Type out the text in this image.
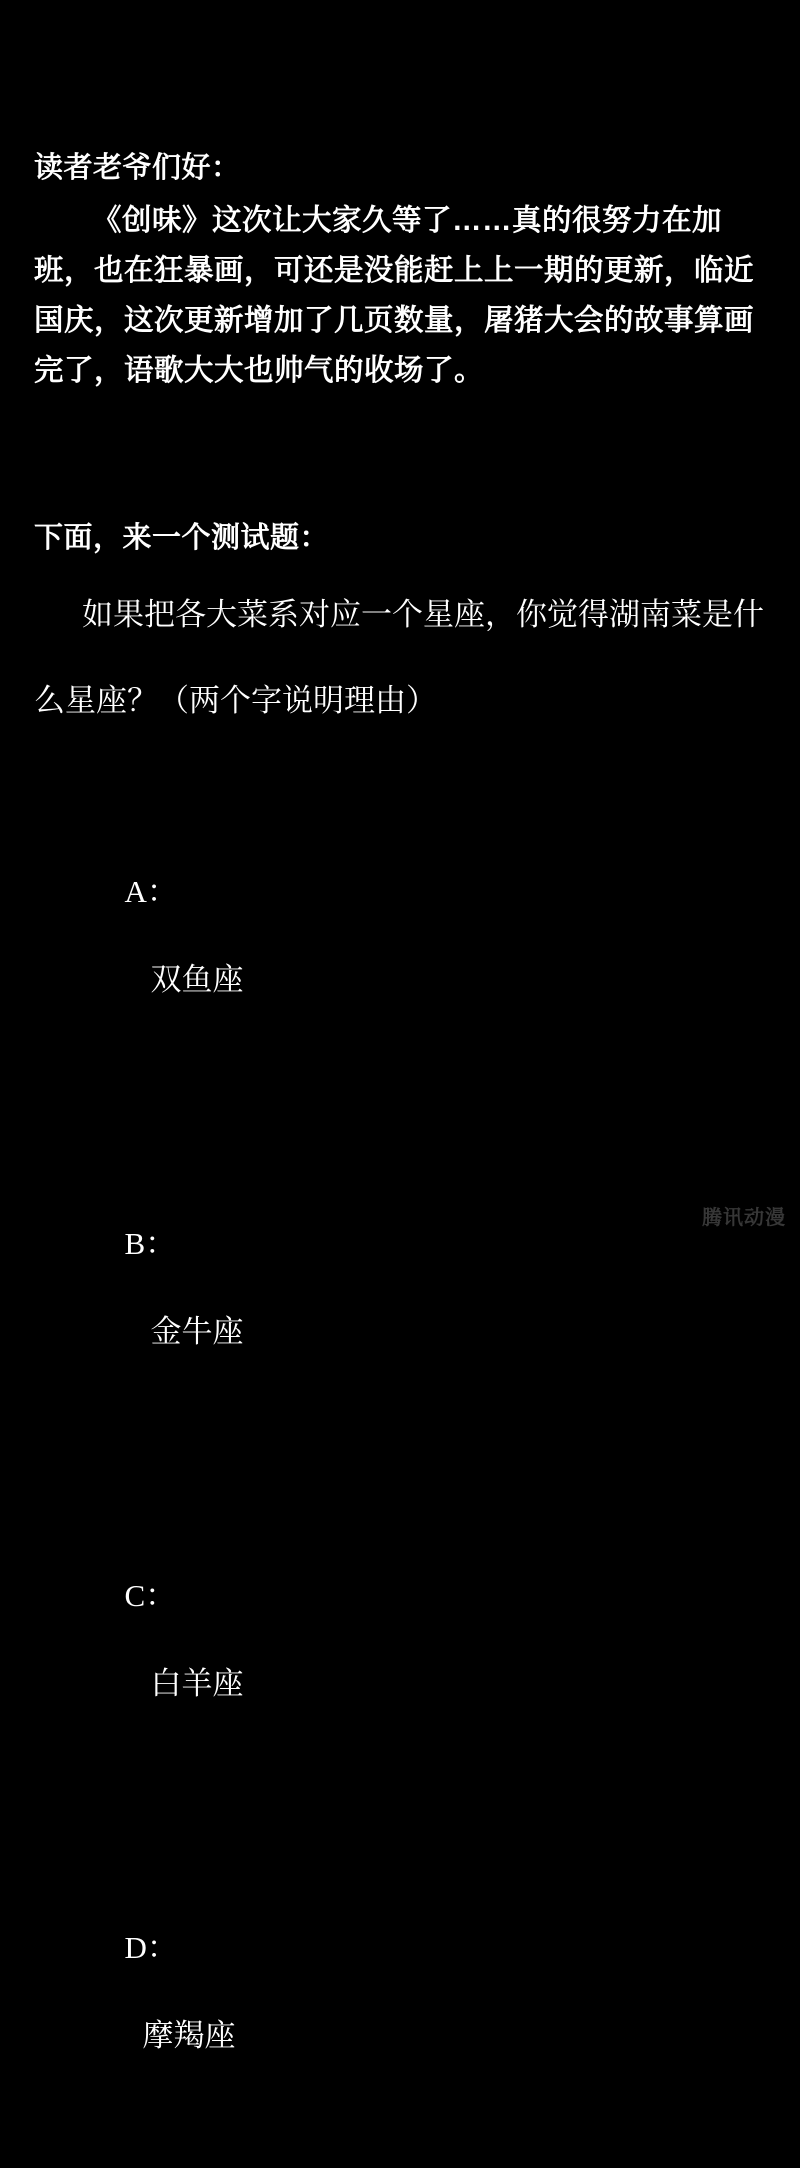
读者老爷们好：
《创味》这次让大家久等了……真的很努力在加班，也在狂暴画，可还是没能赶上上一期的更新，临近国庆，这次更新增加了几页数量，屠猪大会的故事算画完了，语歌大大也帅气的收场了。
下面，来一个测试题：
如果把各大菜系对应一个星座，你觉得湖南菜是什么星座？（两个字说明理由）

A：
双鱼座

B：
金牛座

C：
白羊座

D：
摩羯座

腾讯动漫
